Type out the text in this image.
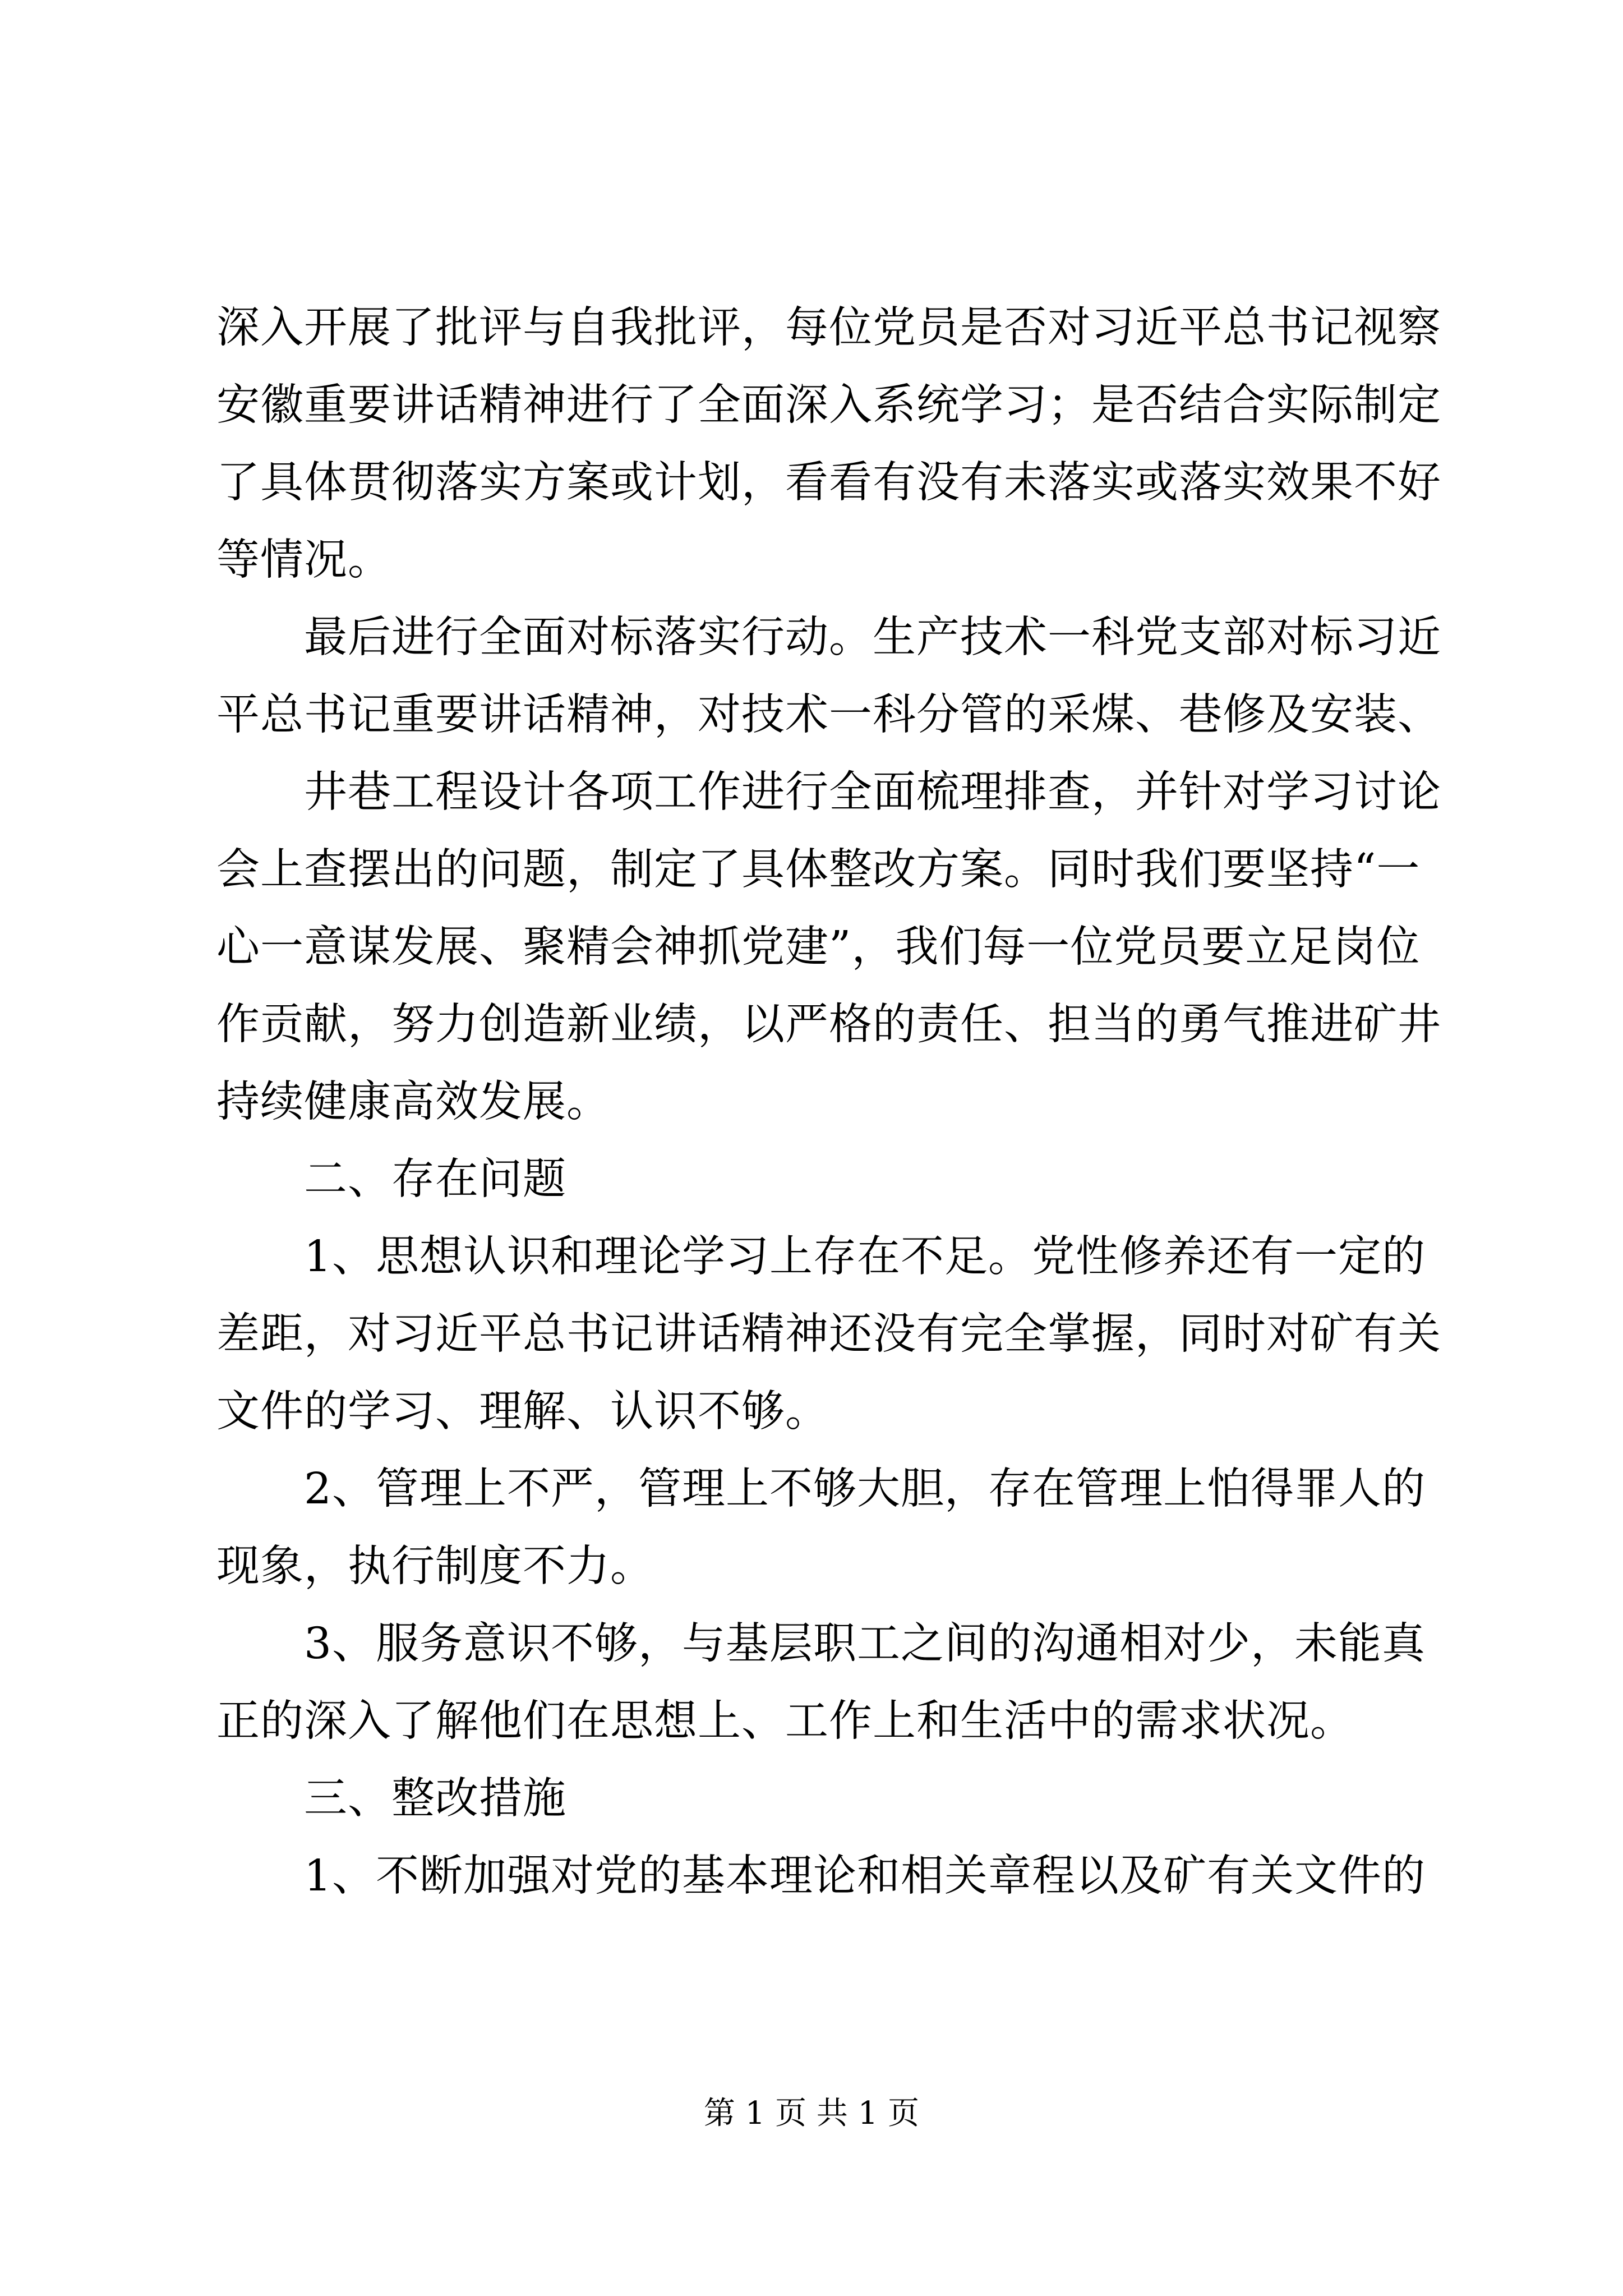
深入开展了批评与自我批评，每位党员是否对习近平总书记视察
安徽重要讲话精神进行了全面深入系统学习；是否结合实际制定
了具体贯彻落实方案或计划，看看有没有未落实或落实效果不好
等情况。
　　最后进行全面对标落实行动。生产技术一科党支部对标习近
平总书记重要讲话精神，对技术一科分管的采煤、巷修及安装、
　　井巷工程设计各项工作进行全面梳理排查，并针对学习讨论
会上查摆出的问题，制定了具体整改方案。同时我们要坚持“一
心一意谋发展、聚精会神抓党建”，我们每一位党员要立足岗位
作贡献，努力创造新业绩，以严格的责任、担当的勇气推进矿井
持续健康高效发展。
　　二、存在问题
　　1、思想认识和理论学习上存在不足。党性修养还有一定的
差距，对习近平总书记讲话精神还没有完全掌握，同时对矿有关
文件的学习、理解、认识不够。
　　2、管理上不严，管理上不够大胆，存在管理上怕得罪人的
现象，执行制度不力。
　　3、服务意识不够，与基层职工之间的沟通相对少，未能真
正的深入了解他们在思想上、工作上和生活中的需求状况。
　　三、整改措施
　　1、不断加强对党的基本理论和相关章程以及矿有关文件的
第 1 页 共 1 页
